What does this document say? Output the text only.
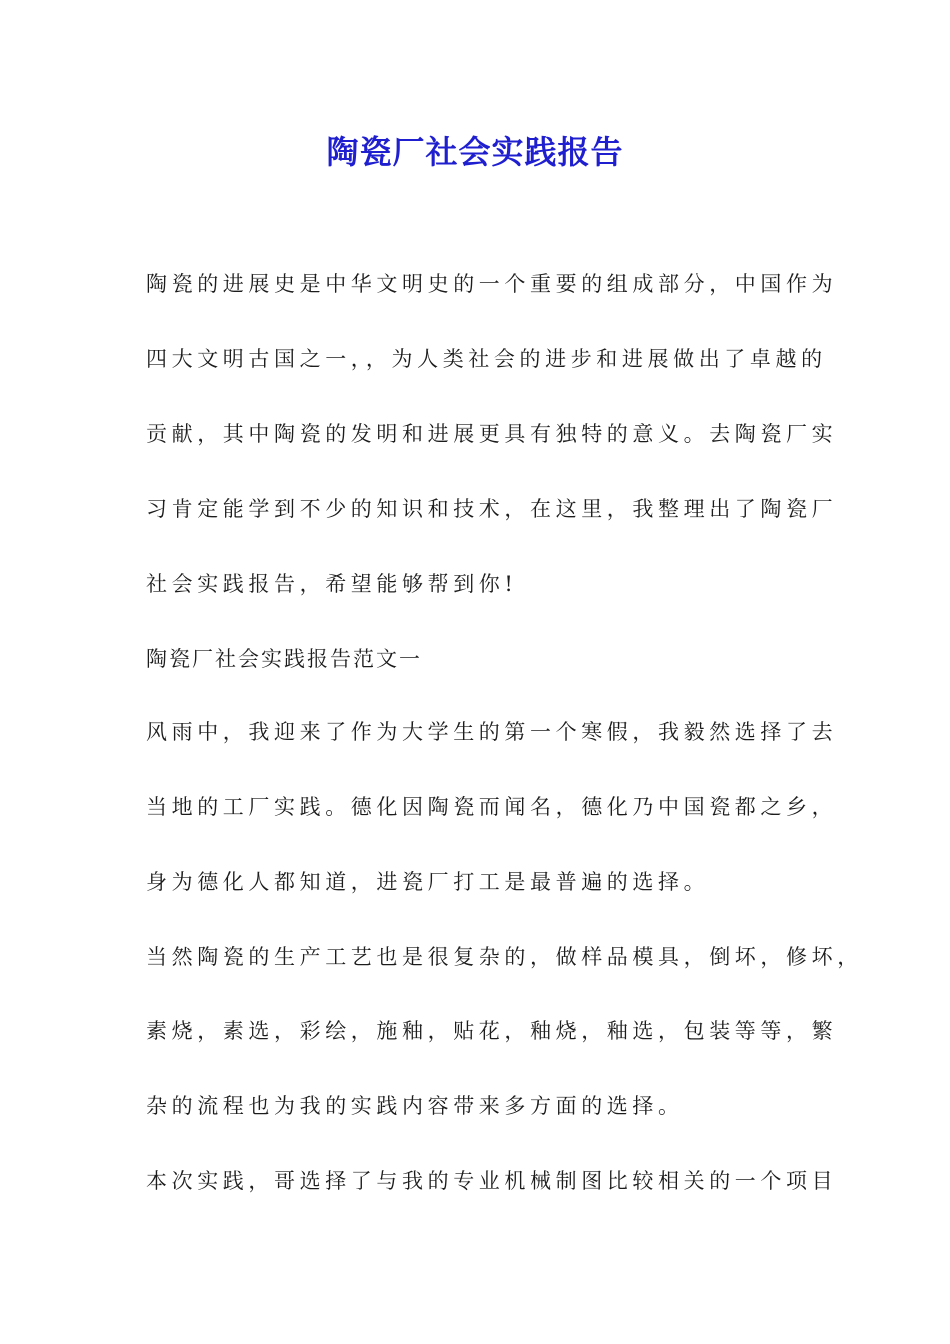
陶瓷厂社会实践报告
陶瓷的进展史是中华文明史的一个重要的组成部分，中国作为
四大文明古国之一，，为人类社会的进步和进展做出了卓越的
贡献，其中陶瓷的发明和进展更具有独特的意义。去陶瓷厂实
习肯定能学到不少的知识和技术，在这里，我整理出了陶瓷厂
社会实践报告，希望能够帮到你!
陶瓷厂社会实践报告范文一
风雨中，我迎来了作为大学生的第一个寒假，我毅然选择了去
当地的工厂实践。德化因陶瓷而闻名，德化乃中国瓷都之乡，
身为德化人都知道，进瓷厂打工是最普遍的选择。
当然陶瓷的生产工艺也是很复杂的，做样品模具，倒坏，修坏，
素烧，素选，彩绘，施釉，贴花，釉烧，釉选，包装等等，繁
杂的流程也为我的实践内容带来多方面的选择。
本次实践，哥选择了与我的专业机械制图比较相关的一个项目
